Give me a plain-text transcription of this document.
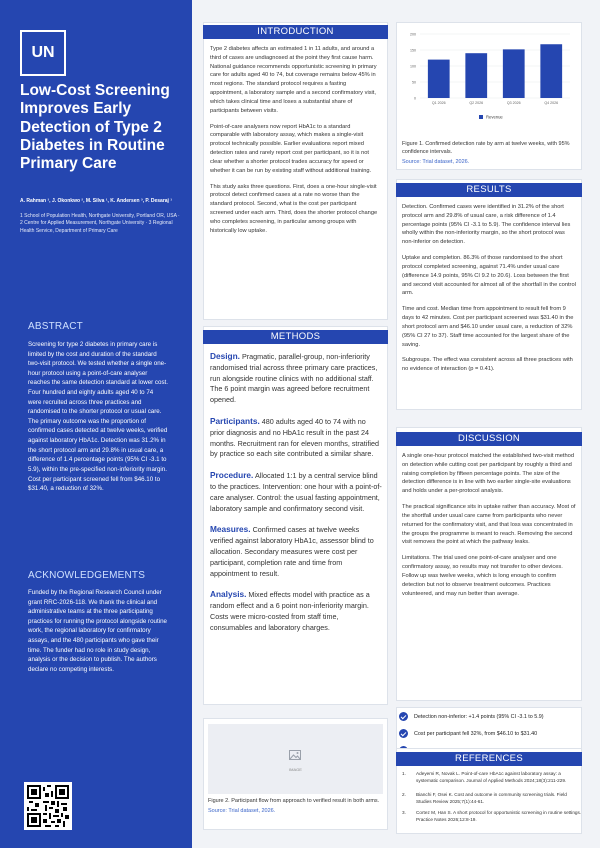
UN
Low-Cost Screening Improves Early Detection of Type 2 Diabetes in Routine Primary Care
A. Rahman ¹, J. Okonkwo ², M. Silva ¹, K. Andersen ³, P. Desaraj ¹
1 School of Population Health, Northgate University, Portland OR, USA · 2 Centre for Applied Measurement, Northgate University · 3 Regional Health Service, Department of Primary Care
ABSTRACT
Screening for type 2 diabetes in primary care is limited by the cost and duration of the standard two-visit protocol. We tested whether a single one-hour protocol using a point-of-care analyser reaches the same detection standard at lower cost. Four hundred and eighty adults aged 40 to 74 were recruited across three practices and randomised to the shorter protocol or usual care. The primary outcome was the proportion of confirmed cases detected at twelve weeks, verified against laboratory HbA1c. Detection was 31.2% in the short protocol arm and 29.8% in usual care, a difference of 1.4 percentage points (95% CI -3.1 to 5.9), within the pre-specified non-inferiority margin. Cost per participant screened fell from $46.10 to $31.40, a reduction of 32%.
ACKNOWLEDGEMENTS
Funded by the Regional Research Council under grant RRC-2026-118. We thank the clinical and administrative teams at the three participating practices for running the protocol alongside routine work, the regional laboratory for confirmatory assays, and the 480 participants who gave their time. The funder had no role in study design, analysis or the decision to publish. The authors declare no competing interests.
INTRODUCTION

Type 2 diabetes affects an estimated 1 in 11 adults, and around a third of cases are undiagnosed at the point they first cause harm. National guidance recommends opportunistic screening in primary care for adults aged 40 to 74, but coverage remains below 45% in most regions. The standard protocol requires a fasting appointment, a laboratory sample and a second confirmatory visit, which takes clinical time and loses a substantial share of participants between visits.

Point-of-care analysers now report HbA1c to a standard comparable with laboratory assay, which makes a single-visit protocol technically possible. Earlier evaluations report mixed detection rates and rarely report cost per participant, so it is not clear whether a shorter protocol trades accuracy for speed or whether it can be run by existing staff without additional training.

This study asks three questions. First, does a one-hour single-visit protocol detect confirmed cases at a rate no worse than the standard protocol. Second, what is the cost per participant screened under each arm. Third, does the shorter protocol change who completes screening, in particular among groups with historically low uptake.

METHODS

Design. Pragmatic, parallel-group, non-inferiority randomised trial across three primary care practices, run alongside routine clinics with no additional staff. The 6 point margin was agreed before recruitment opened.

Participants. 480 adults aged 40 to 74 with no prior diagnosis and no HbA1c result in the past 24 months. Recruitment ran for eleven months, stratified by practice so each site contributed a similar share.

Procedure. Allocated 1:1 by a central service blind to the practices. Intervention: one hour with a point-of-care analyser. Control: the usual fasting appointment, laboratory sample and confirmatory second visit.

Measures. Confirmed cases at twelve weeks verified against laboratory HbA1c, assessor blind to allocation. Secondary measures were cost per participant, completion rate and time from appointment to result.

Analysis. Mixed effects model with practice as a random effect and a 6 point non-inferiority margin. Costs were micro-costed from staff time, consumables and laboratory charges.

IMAGE
Figure 2. Participant flow from approach to verified result in both arms.
Source: Trial dataset, 2026.
0
50
100
150
200
Q1 2026	Q2 2026	Q3 2026	Q4 2026
Revenue
Figure 1. Confirmed detection rate by arm at twelve weeks, with 95% confidence intervals.
Source: Trial dataset, 2026.
RESULTS

Detection. Confirmed cases were identified in 31.2% of the short protocol arm and 29.8% of usual care, a risk difference of 1.4 percentage points (95% CI -3.1 to 5.9). The confidence interval lies wholly within the non-inferiority margin, so the short protocol was non-inferior on detection.

Uptake and completion. 86.3% of those randomised to the short protocol completed screening, against 71.4% under usual care (difference 14.9 points, 95% CI 9.2 to 20.6). Loss between the first and second visit accounted for almost all of the shortfall in the control arm.

Time and cost. Median time from appointment to result fell from 9 days to 42 minutes. Cost per participant screened was $31.40 in the short protocol arm and $46.10 under usual care, a reduction of 32% (95% CI 27 to 37). Staff time accounted for the largest share of the saving.

Subgroups. The effect was consistent across all three practices with no evidence of interaction (p = 0.41).

DISCUSSION

A single one-hour protocol matched the established two-visit method on detection while cutting cost per participant by roughly a third and raising completion by fifteen percentage points. The size of the detection difference is in line with two earlier single-site evaluations and holds under a per-protocol analysis.

The practical significance sits in uptake rather than accuracy. Most of the shortfall under usual care came from participants who never returned for the confirmatory visit, and that loss was concentrated in the groups the programme is meant to reach. Removing the second visit removes the point at which the pathway leaks.

Limitations. The trial used one point-of-care analyser and one confirmatory assay, so results may not transfer to other devices. Follow up was twelve weeks, which is long enough to confirm detection but not to observe treatment outcomes. Practices volunteered, and may run better than average.

Detection non-inferior: +1.4 points (95% CI -3.1 to 5.9)
Cost per participant fell 32%, from $46.10 to $31.40
REFERENCES
1.	Adeyemi R, Novak L. Point-of-care HbA1c against laboratory assay: a systematic comparison. Journal of Applied Methods 2024;18(3):211-229.
2.	Bianchi F, Osei K. Cost and outcome in community screening trials. Field Studies Review 2025;7(1):44-61.
3.	Cortez M, Han S. A short protocol for opportunistic screening in routine settings. Practice Notes 2026;12:8-19.
